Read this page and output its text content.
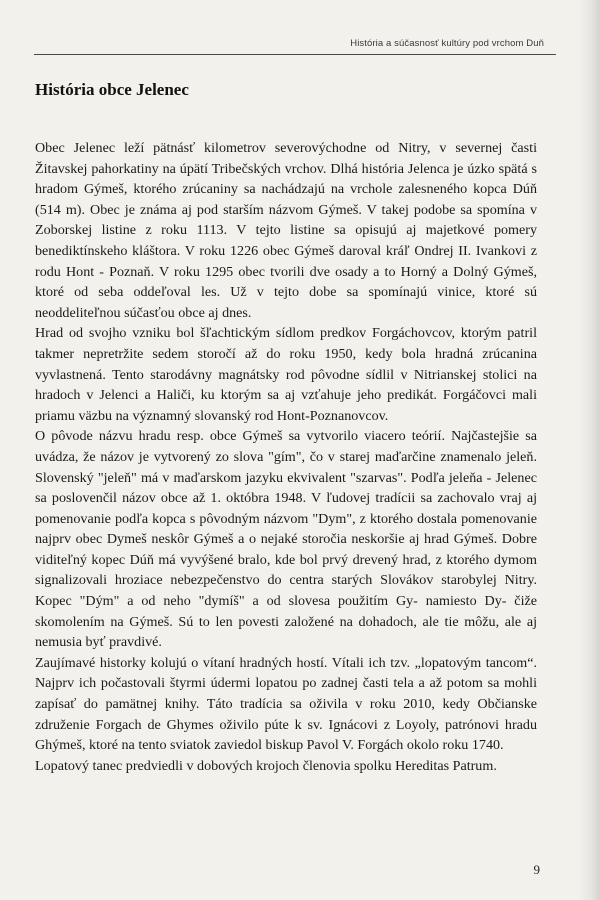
História a súčasnosť kultúry pod vrchom Duň
História obce Jelenec

Obec Jelenec leží pätnásť kilometrov severovýchodne od Nitry, v severnej časti Žitavskej pahorkatiny na úpätí Tribečských vrchov. Dlhá história Jelenca je úzko spätá s hradom Gýmeš, ktorého zrúcaniny sa nachádzajú na vrchole zalesneného kopca Dúň (514 m). Obec je známa aj pod starším názvom Gýmeš. V takej podobe sa spomína v Zoborskej listine z roku 1113. V tejto listine sa opisujú aj majetkové pomery benediktínskeho kláštora. V roku 1226 obec Gýmeš daroval kráľ Ondrej II. Ivankovi z rodu Hont - Poznaň. V roku 1295 obec tvorili dve osady a to Horný a Dolný Gýmeš, ktoré od seba oddeľoval les. Už v tejto dobe sa spomínajú vinice, ktoré sú neoddeliteľnou súčasťou obce aj dnes.

Hrad od svojho vzniku bol šľachtickým sídlom predkov Forgáchovcov, ktorým patril takmer nepretržite sedem storočí až do roku 1950, kedy bola hradná zrúcanina vyvlastnená. Tento starodávny magnátsky rod pôvodne sídlil v Nitrianskej stolici na hradoch v Jelenci a Haliči, ku ktorým sa aj vzťahuje jeho predikát. Forgáčovci mali priamu väzbu na významný slovanský rod Hont-Poznanovcov.

O pôvode názvu hradu resp. obce Gýmeš sa vytvorilo viacero teórií. Najčastejšie sa uvádza, že názov je vytvorený zo slova "gím", čo v starej maďarčine znamenalo jeleň. Slovenský "jeleň" má v maďarskom jazyku ekvivalent "szarvas". Podľa jeleňa - Jelenec sa poslovenčil názov obce až 1. októbra 1948. V ľudovej tradícii sa zachovalo vraj aj pomenovanie podľa kopca s pôvodným názvom "Dym", z ktorého dostala pomenovanie najprv obec Dymeš neskôr Gýmeš a o nejaké storočia neskoršie aj hrad Gýmeš. Dobre viditeľný kopec Dúň má vyvýšené bralo, kde bol prvý drevený hrad, z ktorého dymom signalizovali hroziace nebezpečenstvo do centra starých Slovákov starobylej Nitry. Kopec "Dým" a od neho "dymíš" a od slovesa použitím Gy- namiesto Dy- čiže skomolením na Gýmeš. Sú to len povesti založené na dohadoch, ale tie môžu, ale aj nemusia byť pravdivé.

Zaujímavé historky kolujú o vítaní hradných hostí. Vítali ich tzv. „lopatovým tancom“. Najprv ich počastovali štyrmi údermi lopatou po zadnej časti tela a až potom sa mohli zapísať do pamätnej knihy. Táto tradícia sa oživila v roku 2010, kedy Občianske združenie Forgach de Ghymes oživilo púte k sv. Ignácovi z Loyoly, patrónovi hradu Ghýmeš, ktoré na tento sviatok zaviedol biskup Pavol V. Forgách okolo roku 1740.

Lopatový tanec predviedli v dobových krojoch členovia spolku Hereditas Patrum.

9
